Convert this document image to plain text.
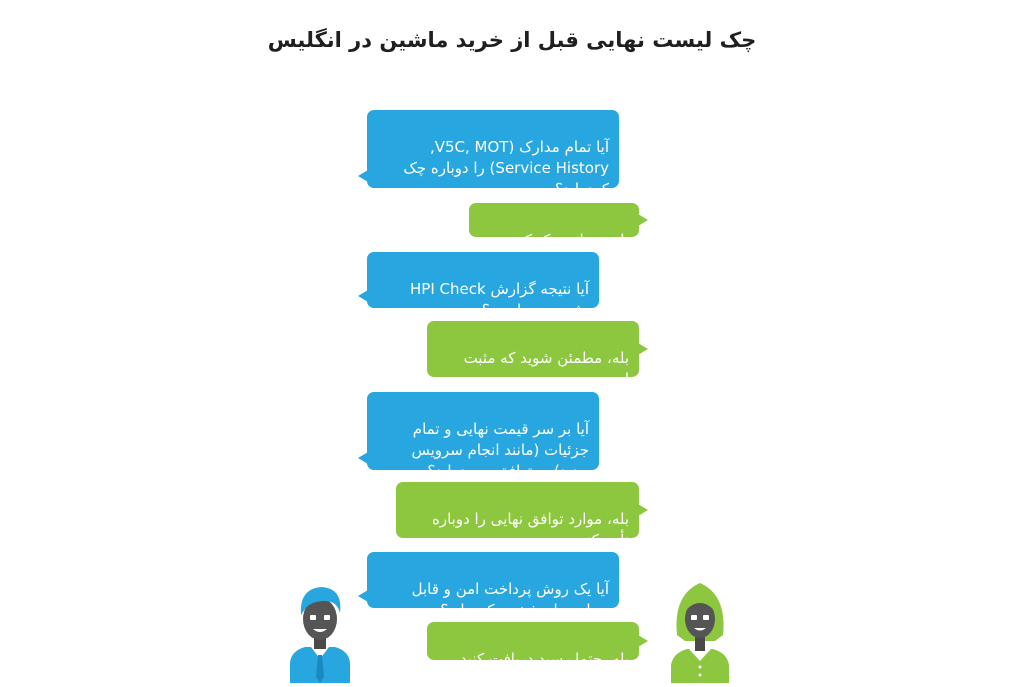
چک لیست نهایی قبل از خرید ماشین در انگلیس

آیا تمام مدارک (V5C, MOT,
Service History) را دوباره چک
کرده‌اید؟

بله، دوباره چک کنید.

آیا نتیجه گزارش HPI Check
مثبت بوده است؟

بله، مطمئن شوید که مثبت
است.

آیا بر سر قیمت نهایی و تمام
جزئیات (مانند انجام سرویس
جدید) به توافق رسیده‌اید؟

بله، موارد توافق نهایی را دوباره
تأیید کنید.

آیا یک روش پرداخت امن و قابل
ردیابی را مشخص کرده‌اید؟

بله، حتما رسید دریافت کنید
